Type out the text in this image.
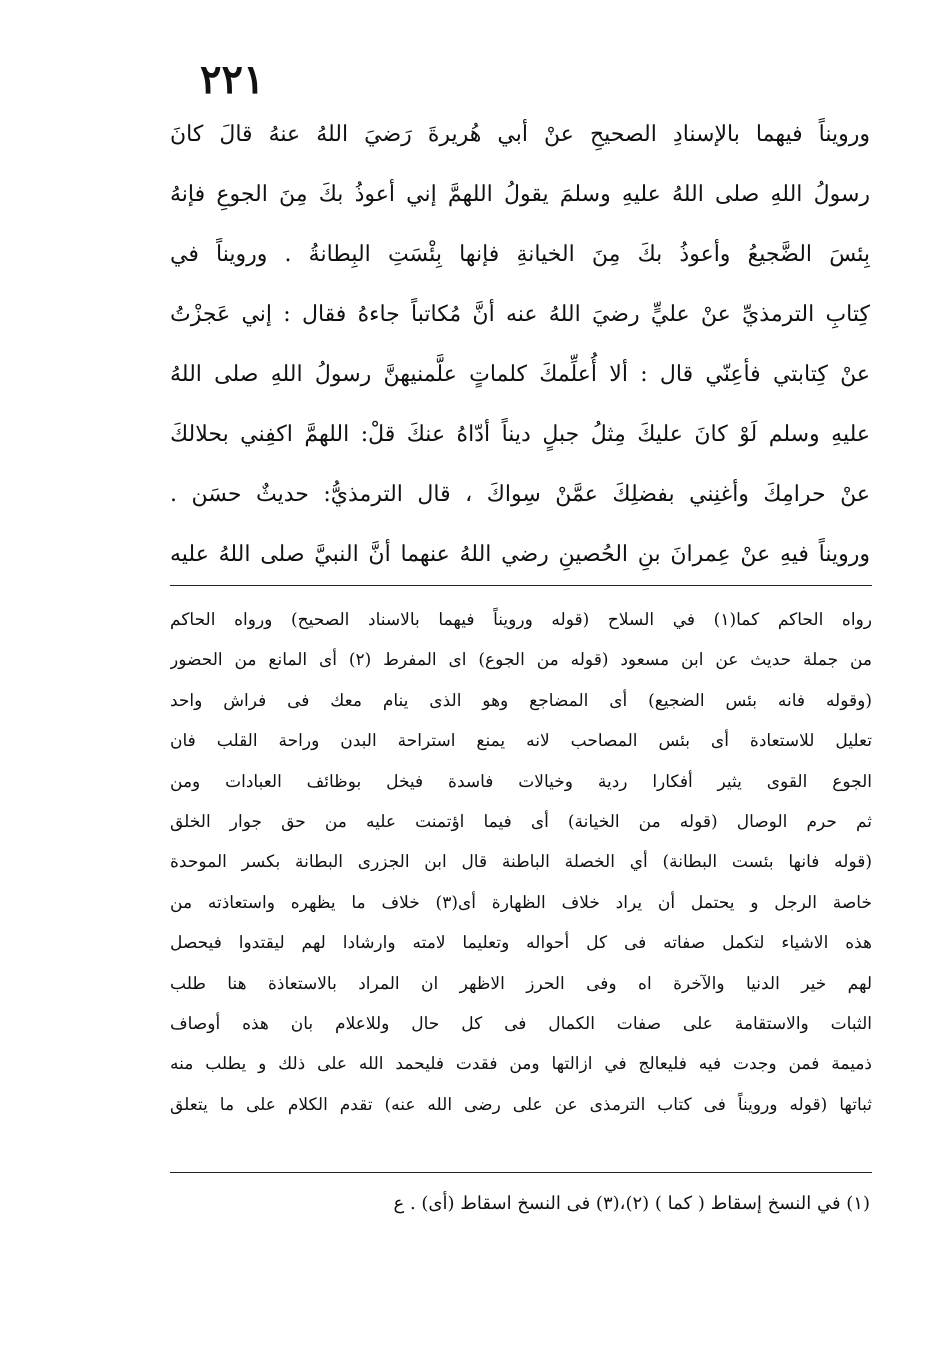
٢٢١
ورويناً فيهما بالإسنادِ الصحيحِ عنْ أبي هُريرةَ رَضيَ اللهُ عنهُ قالَ كانَ
رسولُ اللهِ صلى اللهُ عليهِ وسلمَ يقولُ اللهمَّ إني أعوذُ بكَ مِنَ الجوعِ فإنهُ
بِئسَ الضَّجيعُ وأعوذُ بكَ مِنَ الخيانةِ فإنها بِئْسَتِ البِطانةُ . ورويناً في
كِتابِ الترمذيِّ عنْ عليٍّ رضيَ اللهُ عنه أنَّ مُكاتباً جاءهُ فقال : إني عَجزْتُ
عنْ كِتابتي فأعِنّي قال : ألا أُعلِّمكَ كلماتٍ علَّمنيهنَّ رسولُ اللهِ صلى اللهُ
عليهِ وسلم لَوْ كانَ عليكَ مِثلُ جبلٍ ديناً أدّاهُ عنكَ قلْ: اللهمَّ اكفِني بحلالكَ
عنْ حرامِكَ وأغنِني بفضلِكَ عمَّنْ سِواكَ ، قال الترمذيُّ: حديثٌ حسَن .
ورويناً فيهِ عنْ عِمرانَ بنِ الحُصينِ رضي اللهُ عنهما أنَّ النبيَّ صلى اللهُ عليه
رواه الحاكم كما(١) في السلاح (قوله ورويناً فيهما بالاسناد الصحيح) ورواه الحاكم
من جملة حديث عن ابن مسعود (قوله من الجوع) اى المفرط (٢) أى المانع من الحضور
(وقوله فانه بئس الضجيع) أى المضاجع وهو الذى ينام معك فى فراش واحد
تعليل للاستعادة أى بئس المصاحب لانه يمنع استراحة البدن وراحة القلب فان
الجوع القوى يثير أفكارا ردية وخيالات فاسدة فيخل بوظائف العبادات ومن
ثم حرم الوصال (قوله من الخيانة) أى فيما اؤتمنت عليه من حق جوار الخلق
(قوله فانها بئست البطانة) أي الخصلة الباطنة قال ابن الجزرى البطانة بكسر الموحدة
خاصة الرجل و يحتمل أن يراد خلاف الظهارة أى(٣) خلاف ما يظهره واستعاذته من
هذه الاشياء لتكمل صفاته فى كل أحواله وتعليما لامته وارشادا لهم ليقتدوا فيحصل
لهم خير الدنيا والآخرة اه وفى الحرز الاظهر ان المراد بالاستعاذة هنا طلب
الثبات والاستقامة على صفات الكمال فى كل حال وللاعلام بان هذه أوصاف
ذميمة فمن وجدت فيه فليعالج في ازالتها ومن فقدت فليحمد الله على ذلك و يطلب منه
ثباتها (قوله ورويناً فى كتاب الترمذى عن على رضى الله عنه) تقدم الكلام على ما يتعلق
(١) في النسخ إسقاط ( كما ) (٢)،(٣) فى النسخ اسقاط (أى) . ع
